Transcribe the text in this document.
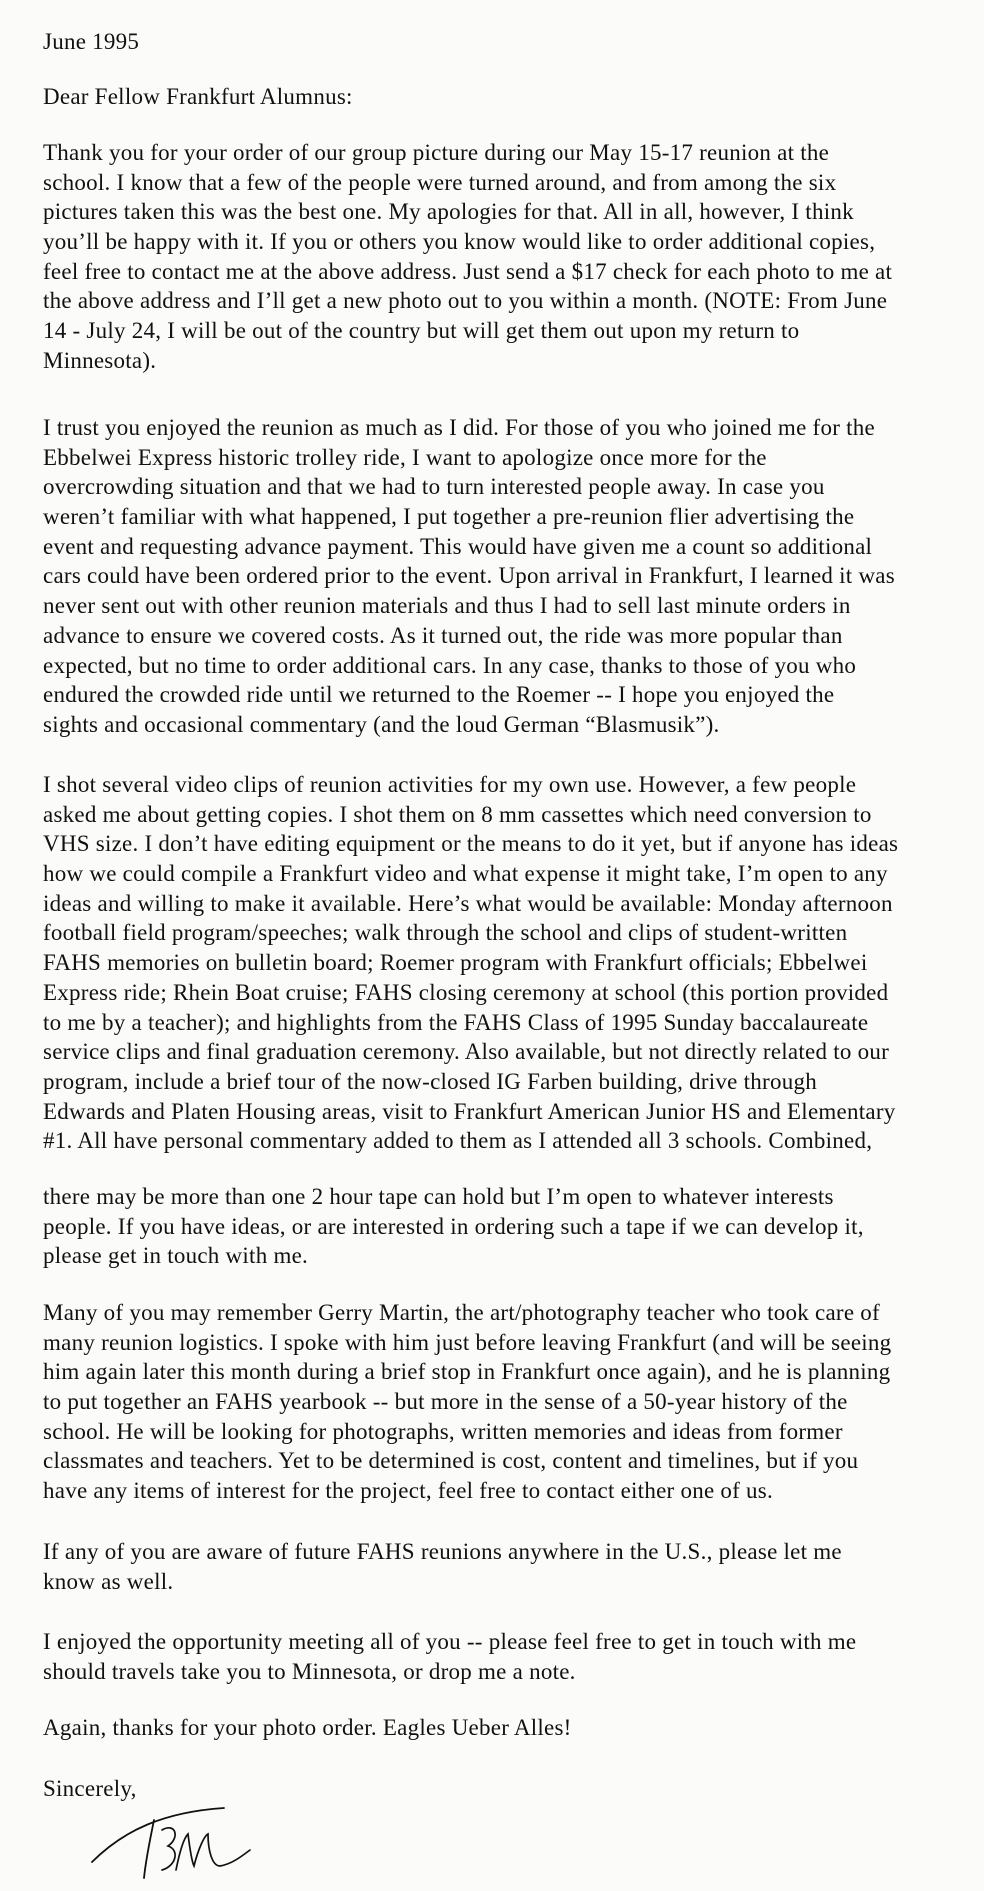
June 1995
Dear Fellow Frankfurt Alumnus:
Thank you for your order of our group picture during our May 15-17 reunion at the
school. I know that a few of the people were turned around, and from among the six
pictures taken this was the best one. My apologies for that. All in all, however, I think
you’ll be happy with it. If you or others you know would like to order additional copies,
feel free to contact me at the above address. Just send a $17 check for each photo to me at
the above address and I’ll get a new photo out to you within a month. (NOTE: From June
14 - July 24, I will be out of the country but will get them out upon my return to
Minnesota).
I trust you enjoyed the reunion as much as I did. For those of you who joined me for the
Ebbelwei Express historic trolley ride, I want to apologize once more for the
overcrowding situation and that we had to turn interested people away. In case you
weren’t familiar with what happened, I put together a pre-reunion flier advertising the
event and requesting advance payment. This would have given me a count so additional
cars could have been ordered prior to the event. Upon arrival in Frankfurt, I learned it was
never sent out with other reunion materials and thus I had to sell last minute orders in
advance to ensure we covered costs. As it turned out, the ride was more popular than
expected, but no time to order additional cars. In any case, thanks to those of you who
endured the crowded ride until we returned to the Roemer -- I hope you enjoyed the
sights and occasional commentary (and the loud German “Blasmusik”).
I shot several video clips of reunion activities for my own use. However, a few people
asked me about getting copies. I shot them on 8 mm cassettes which need conversion to
VHS size. I don’t have editing equipment or the means to do it yet, but if anyone has ideas
how we could compile a Frankfurt video and what expense it might take, I’m open to any
ideas and willing to make it available. Here’s what would be available: Monday afternoon
football field program/speeches; walk through the school and clips of student-written
FAHS memories on bulletin board; Roemer program with Frankfurt officials; Ebbelwei
Express ride; Rhein Boat cruise; FAHS closing ceremony at school (this portion provided
to me by a teacher); and highlights from the FAHS Class of 1995 Sunday baccalaureate
service clips and final graduation ceremony. Also available, but not directly related to our
program, include a brief tour of the now-closed IG Farben building, drive through
Edwards and Platen Housing areas, visit to Frankfurt American Junior HS and Elementary
#1. All have personal commentary added to them as I attended all 3 schools. Combined,
there may be more than one 2 hour tape can hold but I’m open to whatever interests
people. If you have ideas, or are interested in ordering such a tape if we can develop it,
please get in touch with me.
Many of you may remember Gerry Martin, the art/photography teacher who took care of
many reunion logistics. I spoke with him just before leaving Frankfurt (and will be seeing
him again later this month during a brief stop in Frankfurt once again), and he is planning
to put together an FAHS yearbook -- but more in the sense of a 50-year history of the
school. He will be looking for photographs, written memories and ideas from former
classmates and teachers. Yet to be determined is cost, content and timelines, but if you
have any items of interest for the project, feel free to contact either one of us.
If any of you are aware of future FAHS reunions anywhere in the U.S., please let me
know as well.
I enjoyed the opportunity meeting all of you -- please feel free to get in touch with me
should travels take you to Minnesota, or drop me a note.
Again, thanks for your photo order. Eagles Ueber Alles!
Sincerely,
